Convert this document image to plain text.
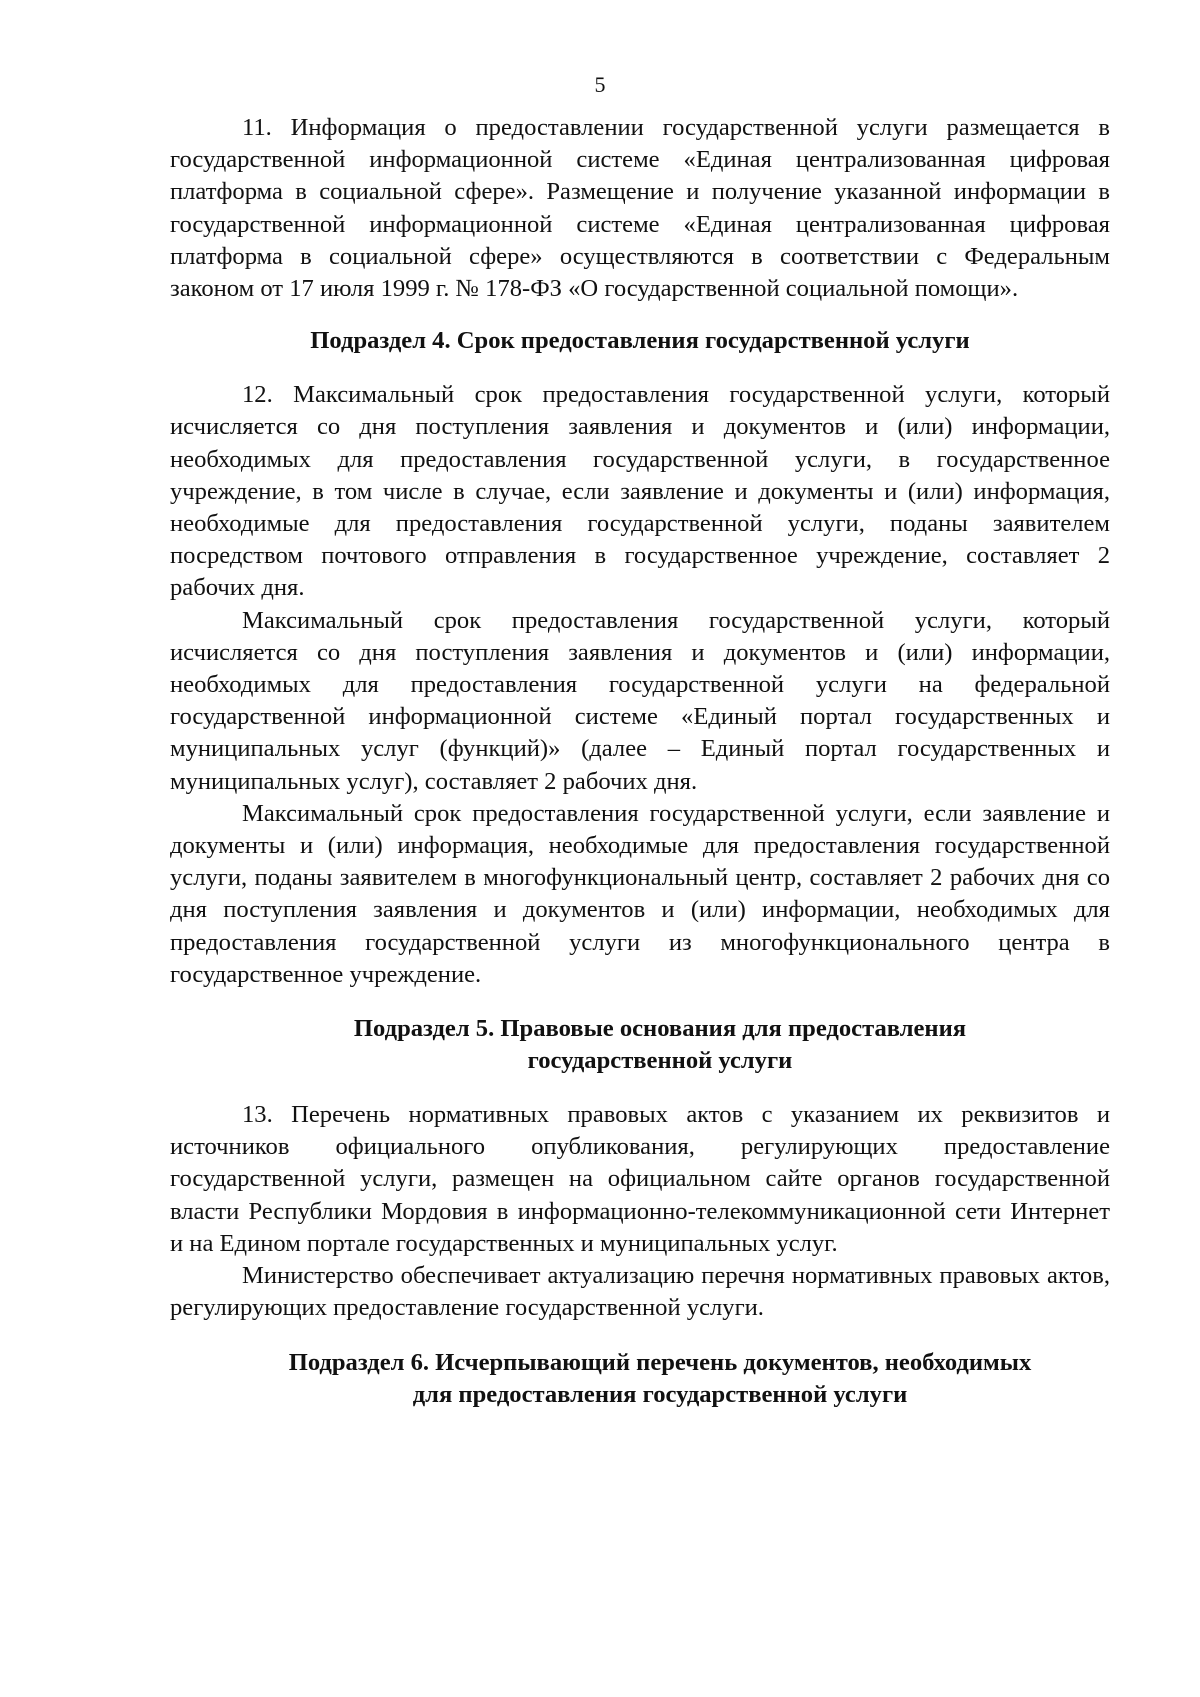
5

11. Информация о предоставлении государственной услуги размещается в государственной информационной системе «Единая централизованная цифровая платформа в социальной сфере». Размещение и получение указанной информации в государственной информационной системе «Единая централизованная цифровая платформа в социальной сфере» осуществляются в соответствии с Федеральным законом от 17 июля 1999 г. № 178-ФЗ «О государственной социальной помощи».

Подраздел 4. Срок предоставления государственной услуги

12. Максимальный срок предоставления государственной услуги, который исчисляется со дня поступления заявления и документов и (или) информации, необходимых для предоставления государственной услуги, в государственное учреждение, в том числе в случае, если заявление и документы и (или) информация, необходимые для предоставления государственной услуги, поданы заявителем посредством почтового отправления в государственное учреждение, составляет 2 рабочих дня.

Максимальный срок предоставления государственной услуги, который исчисляется со дня поступления заявления и документов и (или) информации, необходимых для предоставления государственной услуги на федеральной государственной информационной системе «Единый портал государственных и муниципальных услуг (функций)» (далее – Единый портал государственных и муниципальных услуг), составляет 2 рабочих дня.

Максимальный срок предоставления государственной услуги, если заявление и документы и (или) информация, необходимые для предоставления государственной услуги, поданы заявителем в многофункциональный центр, составляет 2 рабочих дня со дня поступления заявления и документов и (или) информации, необходимых для предоставления государственной услуги из многофункционального центра в государственное учреждение.

Подраздел 5. Правовые основания для предоставления
государственной услуги

13. Перечень нормативных правовых актов с указанием их реквизитов и источников официального опубликования, регулирующих предоставление государственной услуги, размещен на официальном сайте органов государственной власти Республики Мордовия в информационно-телекоммуникационной сети Интернет и на Едином портале государственных и муниципальных услуг.

Министерство обеспечивает актуализацию перечня нормативных правовых актов, регулирующих предоставление государственной услуги.

Подраздел 6. Исчерпывающий перечень документов, необходимых
для предоставления государственной услуги
